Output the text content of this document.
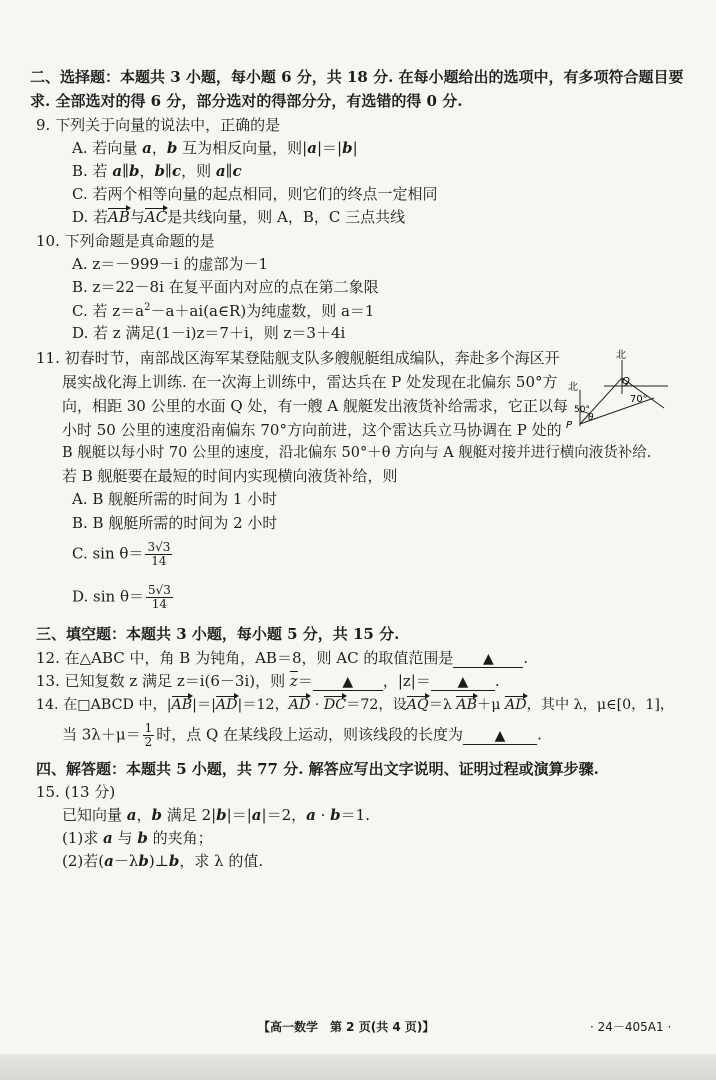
二、选择题：本题共 3 小题，每小题 6 分，共 18 分. 在每小题给出的选项中，有多项符合题目要
求. 全部选对的得 6 分，部分选对的得部分分，有选错的得 0 分.
9. 下列关于向量的说法中，正确的是
A. 若向量 a，b 互为相反向量，则|a|＝|b|
B. 若 a∥b，b∥c，则 a∥c
C. 若两个相等向量的起点相同，则它们的终点一定相同
D. 若AB与AC是共线向量，则 A，B，C 三点共线
10. 下列命题是真命题的是
A. z＝－999－i 的虚部为－1
B. z＝22－8i 在复平面内对应的点在第二象限
C. 若 $z=a^2-a+ai(a\in R)$为纯虚数，则 a＝1
D. 若 z 满足(1－i)z＝7＋i，则 z＝3＋4i
11. 初春时节，南部战区海军某登陆舰支队多艘舰艇组成编队，奔赴多个海区开
展实战化海上训练. 在一次海上训练中，雷达兵在 P 处发现在北偏东 50°方
向，相距 30 公里的水面 Q 处，有一艘 A 舰艇发出液货补给需求，它正以每
小时 50 公里的速度沿南偏东 70°方向前进，这个雷达兵立马协调在 P 处的
B 舰艇以每小时 70 公里的速度，沿北偏东 50°＋θ 方向与 A 舰艇对接并进行横向液货补给.
若 B 舰艇要在最短的时间内实现横向液货补给，则
北
北
Q
P
70°
50°
θ
A. B 舰艇所需的时间为 1 小时
B. B 舰艇所需的时间为 2 小时
C. $\sin \theta= \frac{3√3}{14}$
D. $\sin \theta= \frac{5√3}{14}$
三、填空题：本题共 3 小题，每小题 5 分，共 15 分.
12. 在△ABC 中，角 B 为钝角，AB＝8，则 AC 的取值范围是 ▲ .
13. 已知复数 z 满足 z＝i(6－3i)，则 $\overline{z}=$ ▲ ，|z|＝ ▲ .
14. 在□ABCD 中，|AB|＝|AD|＝12，AD · DC＝72，设AQ＝λ AB＋μ AD，其中 λ，μ∈[0，1]，
当 $3\lambda+\mu= \frac{1}{2}$ 时，点 Q 在某线段上运动，则该线段的长度为 ▲ .
四、解答题：本题共 5 小题，共 77 分. 解答应写出文字说明、证明过程或演算步骤.
15. (13 分)
已知向量 a，b 满足 2|b|＝|a|＝2，a · b＝1.
(1)求 a 与 b 的夹角；
(2)若(a－λb)⊥b，求 λ 的值.
【高一数学　第 2 页(共 4 页)】	· 24－405A1 ·
